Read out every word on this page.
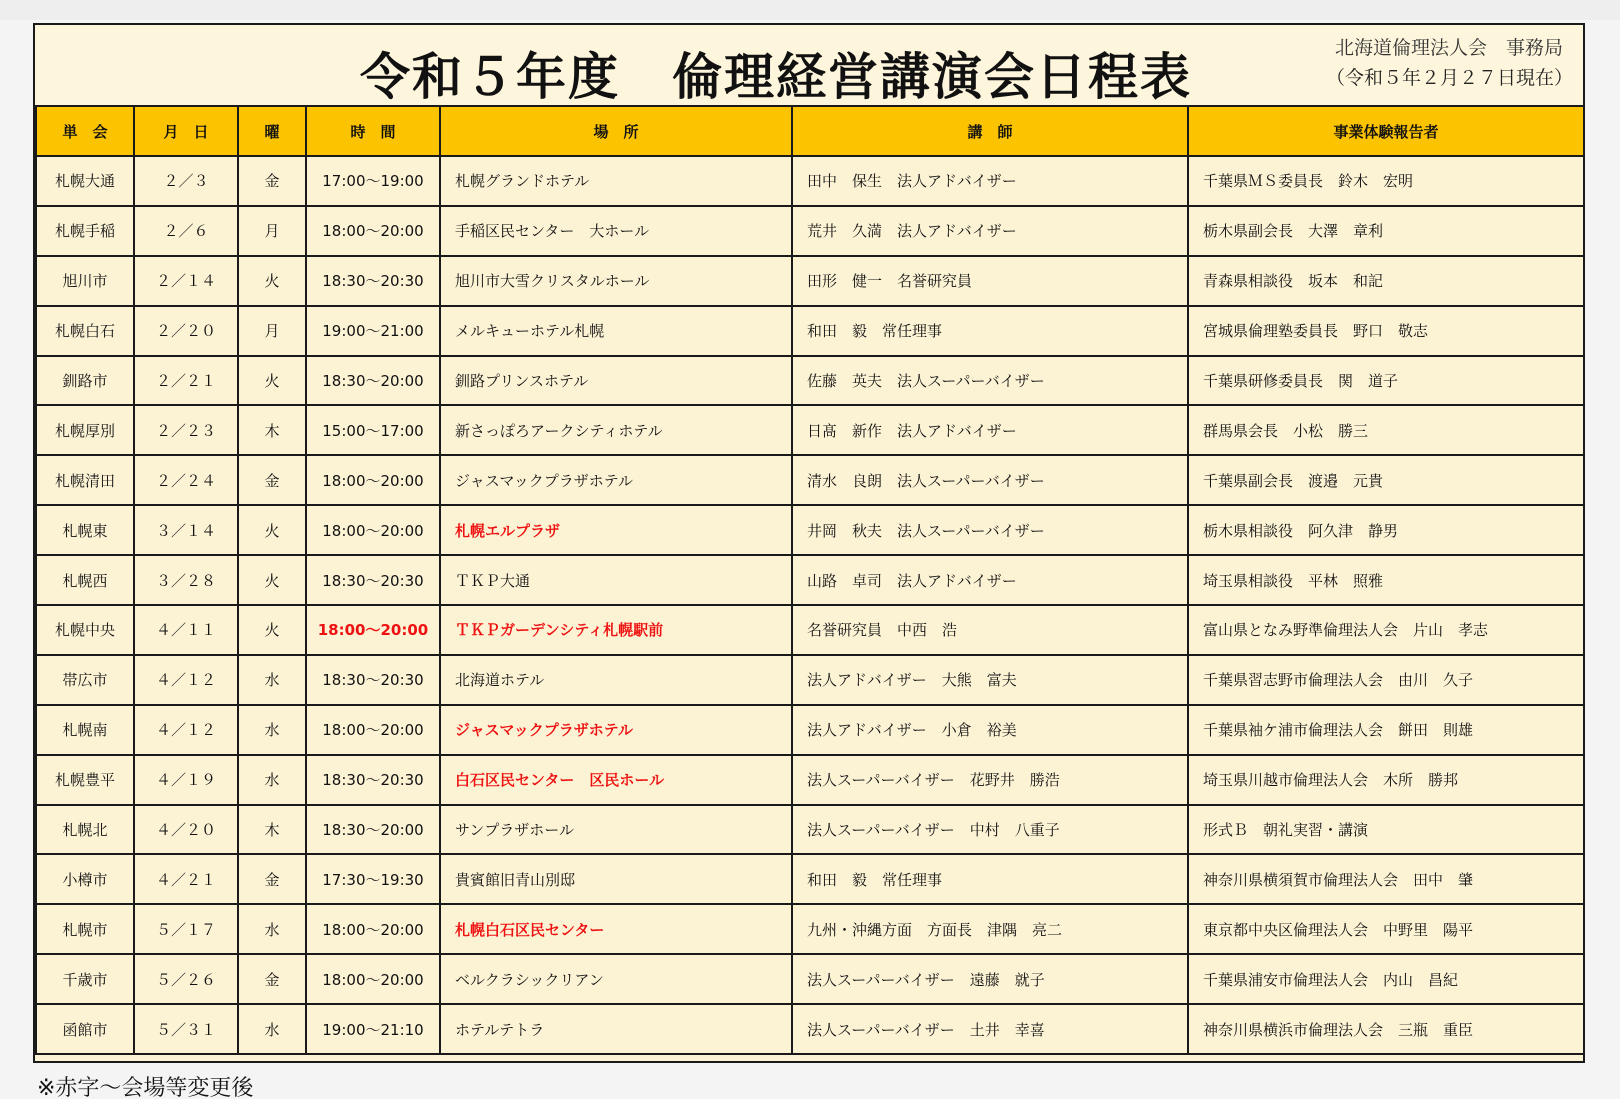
令和５年度　倫理経営講演会日程表	北海道倫理法人会　事務局
（令和５年２月２７日現在）
単　会	月　日	曜	時　間	場　所	講　師	事業体験報告者
札幌大通	２／３	金	17:00～19:00	札幌グランドホテル	田中　保生　法人アドバイザー	千葉県ＭＳ委員長　鈴木　宏明
札幌手稲	２／６	月	18:00～20:00	手稲区民センター　大ホール	荒井　久満　法人アドバイザー	栃木県副会長　大澤　章利
旭川市	２／１４	火	18:30～20:30	旭川市大雪クリスタルホール	田形　健一　名誉研究員	青森県相談役　坂本　和記
札幌白石	２／２０	月	19:00～21:00	メルキューホテル札幌	和田　毅　常任理事	宮城県倫理塾委員長　野口　敬志
釧路市	２／２１	火	18:30～20:00	釧路プリンスホテル	佐藤　英夫　法人スーパーバイザー	千葉県研修委員長　関　道子
札幌厚別	２／２３	木	15:00～17:00	新さっぽろアークシティホテル	日髙　新作　法人アドバイザー	群馬県会長　小松　勝三
札幌清田	２／２４	金	18:00～20:00	ジャスマックプラザホテル	清水　良朗　法人スーパーバイザー	千葉県副会長　渡邉　元貴
札幌東	３／１４	火	18:00～20:00	札幌エルプラザ	井岡　秋夫　法人スーパーバイザー	栃木県相談役　阿久津　静男
札幌西	３／２８	火	18:30～20:30	ＴＫＰ大通	山路　卓司　法人アドバイザー	埼玉県相談役　平林　照雅
札幌中央	４／１１	火	18:00～20:00	ＴＫＰガーデンシティ札幌駅前	名誉研究員　中西　浩	富山県となみ野準倫理法人会　片山　孝志
帯広市	４／１２	水	18:30～20:30	北海道ホテル	法人アドバイザー　大熊　富夫	千葉県習志野市倫理法人会　由川　久子
札幌南	４／１２	水	18:00～20:00	ジャスマックプラザホテル	法人アドバイザー　小倉　裕美	千葉県袖ケ浦市倫理法人会　餅田　則雄
札幌豊平	４／１９	水	18:30～20:30	白石区民センター　区民ホール	法人スーパーバイザー　花野井　勝浩	埼玉県川越市倫理法人会　木所　勝邦
札幌北	４／２０	木	18:30～20:00	サンプラザホール	法人スーパーバイザー　中村　八重子	形式Ｂ　朝礼実習・講演
小樽市	４／２１	金	17:30～19:30	貴賓館旧青山別邸	和田　毅　常任理事	神奈川県横須賀市倫理法人会　田中　肇
札幌市	５／１７	水	18:00～20:00	札幌白石区民センター	九州・沖縄方面　方面長　津隅　亮二	東京都中央区倫理法人会　中野里　陽平
千歳市	５／２６	金	18:00～20:00	ベルクラシックリアン	法人スーパーバイザー　遠藤　就子	千葉県浦安市倫理法人会　内山　昌紀
函館市	５／３１	水	19:00～21:10	ホテルテトラ	法人スーパーバイザー　土井　幸喜	神奈川県横浜市倫理法人会　三瓶　重臣
※赤字～会場等変更後
